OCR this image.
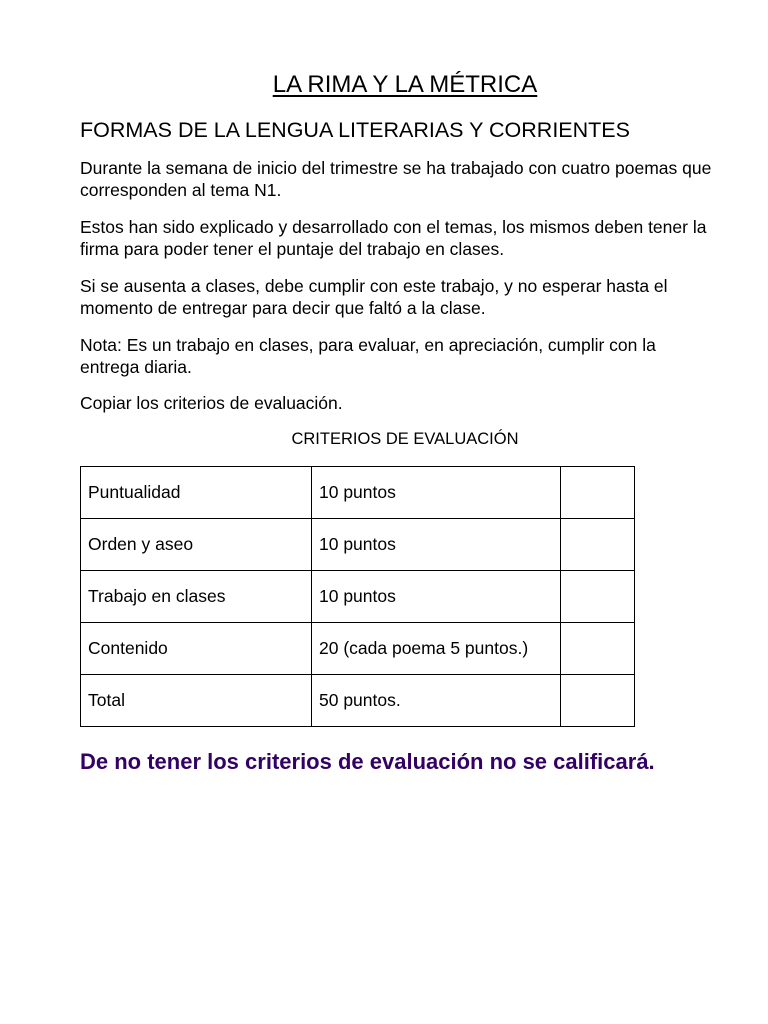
LA RIMA Y LA MÉTRICA
FORMAS DE LA LENGUA LITERARIAS Y CORRIENTES

Durante la semana de inicio del trimestre se ha trabajado con cuatro poemas que corresponden al tema N1.

Estos han sido explicado y desarrollado con el temas, los mismos deben tener la firma para poder tener el puntaje del trabajo en clases.

Si se ausenta a clases, debe cumplir con este trabajo, y no esperar hasta el momento de entregar para decir que faltó a la clase.

Nota: Es un trabajo en clases, para evaluar, en apreciación, cumplir con la entrega diaria.

Copiar los criterios de evaluación.

CRITERIOS DE EVALUACIÓN

Puntualidad	10 puntos	
Orden y aseo	10 puntos	
Trabajo en clases	10 puntos	
Contenido	20 (cada poema 5 puntos.)	
Total	50 puntos.	

De no tener los criterios de evaluación no se calificará.
